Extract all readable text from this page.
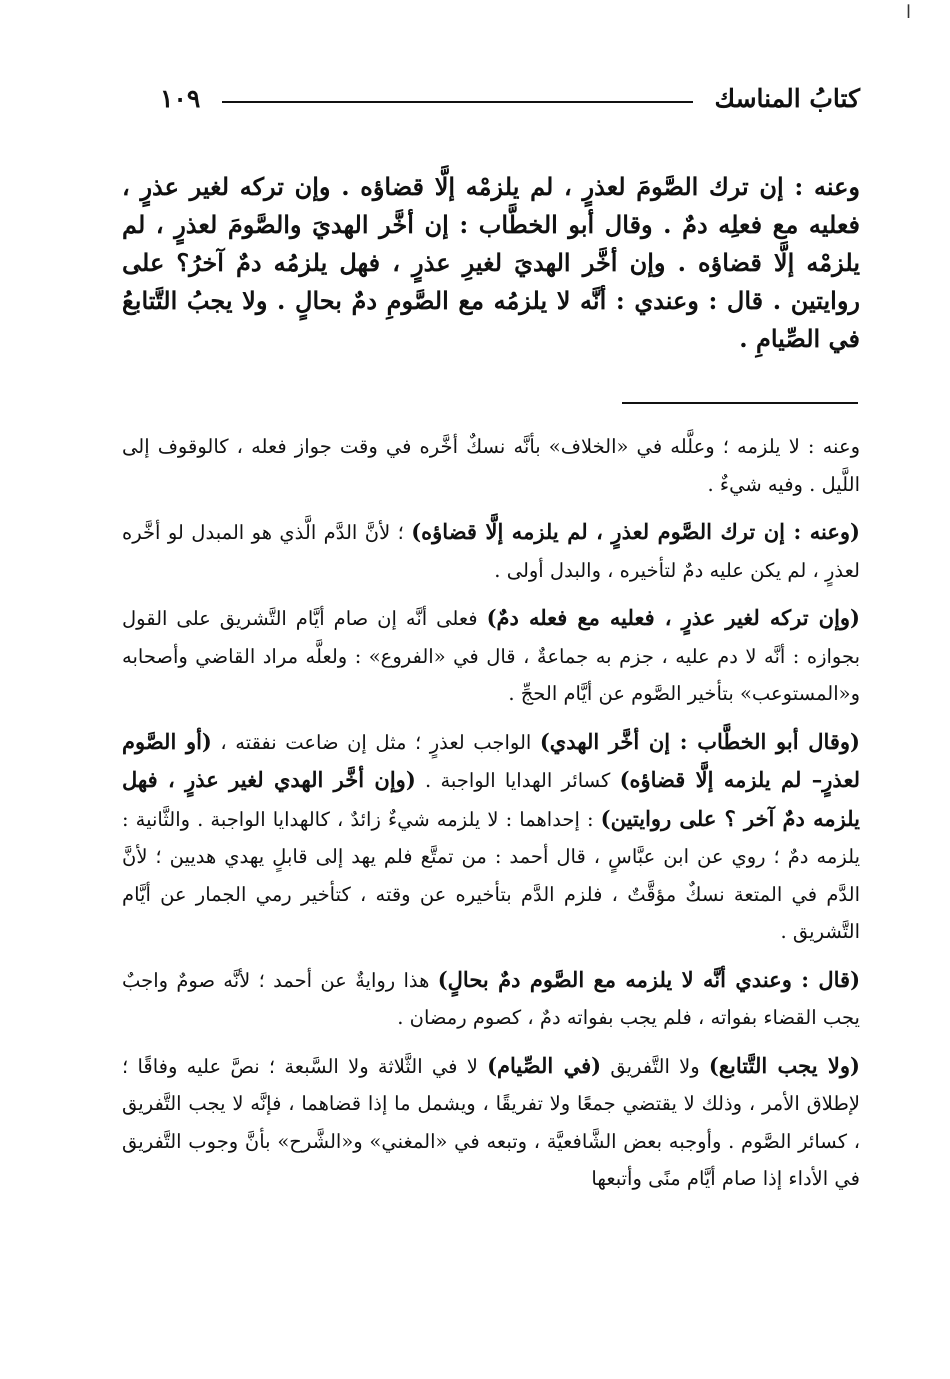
ا
كتابُ المناسك
١٠٩

وعنه : إن ترك الصَّومَ لعذرٍ ، لم يلزمْه إلَّا قضاؤه . وإن تركه لغير عذرٍ ، فعليه مع فعلِه دمٌ . وقال أبو الخطَّاب : إن أخَّر الهديَ والصَّومَ لعذرٍ ، لم يلزمْه إلَّا قضاؤه . وإن أخَّر الهديَ لغيرِ عذرٍ ، فهل يلزمُه دمٌ آخرُ؟ على روايتين . قال : وعندي : أنَّه لا يلزمُه مع الصَّومِ دمٌ بحالٍ . ولا يجبُ التَّتابعُ في الصِّيامِ .

وعنه : لا يلزمه ؛ وعلَّله في «الخلاف» بأنَّه نسكٌ أخَّره في وقت جواز فعله ، كالوقوف إلى اللَّيل . وفيه شيءٌ .

(وعنه : إن ترك الصَّوم لعذرٍ ، لم يلزمه إلَّا قضاؤه) ؛ لأنَّ الدَّم الَّذي هو المبدل لو أخَّره لعذرٍ ، لم يكن عليه دمٌ لتأخيره ، والبدل أولى .

(وإن تركه لغير عذرٍ ، فعليه مع فعله دمٌ) فعلى أنَّه إن صام أيَّام التَّشريق على القول بجوازه : أنَّه لا دم عليه ، جزم به جماعةٌ ، قال في «الفروع» : ولعلَّه مراد القاضي وأصحابه و«المستوعب» بتأخير الصَّوم عن أيَّام الحجِّ .

(وقال أبو الخطَّاب : إن أخَّر الهدي) الواجب لعذرٍ ؛ مثل إن ضاعت نفقته ، (أو الصَّوم لعذرٍ– لم يلزمه إلَّا قضاؤه) كسائر الهدايا الواجبة . (وإن أخَّر الهدي لغير عذرٍ ، فهل يلزمه دمٌ آخر ؟ على روايتين) : إحداهما : لا يلزمه شيءٌ زائدٌ ، كالهدايا الواجبة . والثَّانية : يلزمه دمٌ ؛ روي عن ابن عبَّاسٍ ، قال أحمد : من تمتَّع فلم يهد إلى قابلٍ يهدي هديين ؛ لأنَّ الدَّم في المتعة نسكٌ مؤقَّتٌ ، فلزم الدَّم بتأخيره عن وقته ، كتأخير رمي الجمار عن أيَّام التَّشريق .

(قال : وعندي أنَّه لا يلزمه مع الصَّوم دمٌ بحالٍ) هذا روايةٌ عن أحمد ؛ لأنَّه صومٌ واجبٌ يجب القضاء بفواته ، فلم يجب بفواته دمٌ ، كصوم رمضان .

(ولا يجب التَّتابع) ولا التَّفريق (في الصِّيام) لا في الثَّلاثة ولا السَّبعة ؛ نصَّ عليه وفاقًا ؛ لإطلاق الأمر ، وذلك لا يقتضي جمعًا ولا تفريقًا ، ويشمل ما إذا قضاهما ، فإنَّه لا يجب التَّفريق ، كسائر الصَّوم . وأوجبه بعض الشَّافعيَّة ، وتبعه في «المغني» و«الشَّرح» بأنَّ وجوب التَّفريق في الأداء إذا صام أيَّام منًى وأتبعها
